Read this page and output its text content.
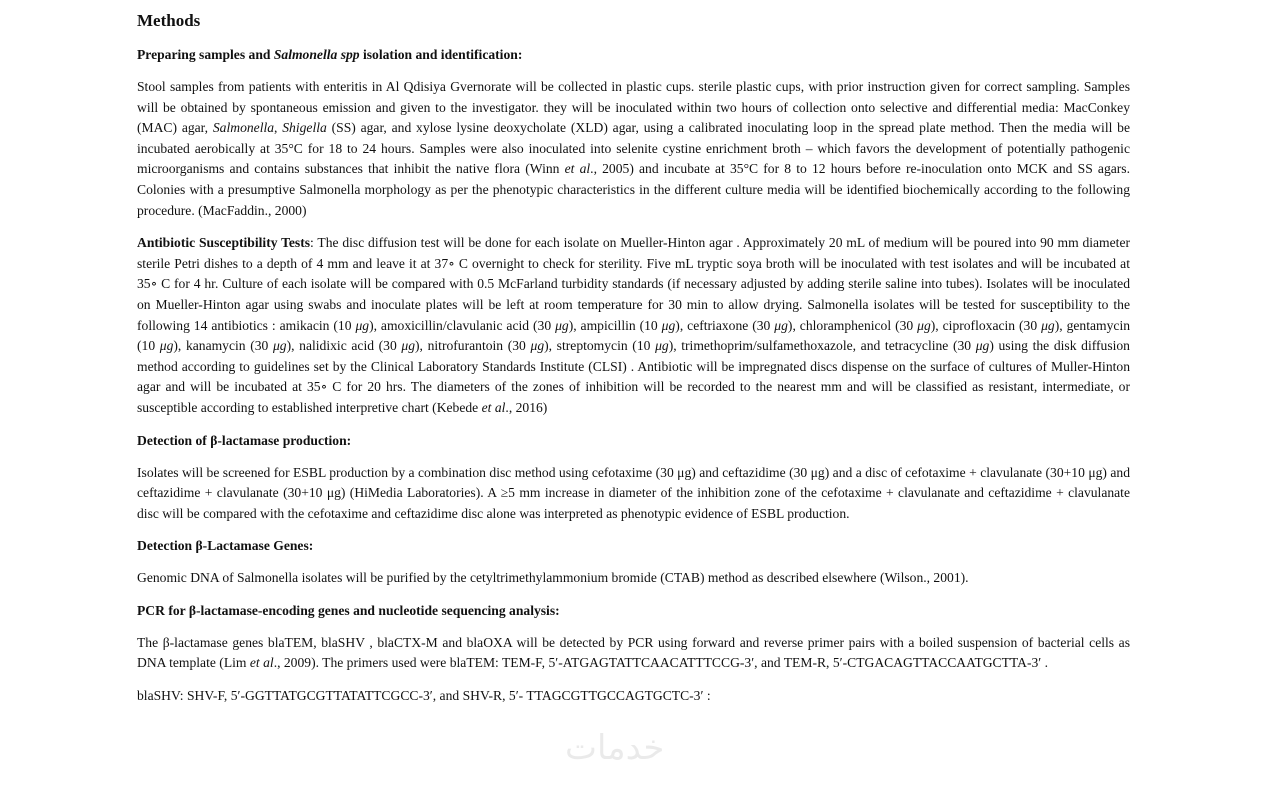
Methods
Preparing samples and Salmonella spp isolation and identification:
Stool samples from patients with enteritis in Al Qdisiya Gvernorate will be collected in plastic cups. sterile plastic cups, with prior instruction given for correct sampling. Samples will be obtained by spontaneous emission and given to the investigator. they will be inoculated within two hours of collection onto selective and differential media: MacConkey (MAC) agar, Salmonella, Shigella (SS) agar, and xylose lysine deoxycholate (XLD) agar, using a calibrated inoculating loop in the spread plate method. Then the media will be incubated aerobically at 35°C for 18 to 24 hours. Samples were also inoculated into selenite cystine enrichment broth – which favors the development of potentially pathogenic microorganisms and contains substances that inhibit the native flora (Winn et al., 2005) and incubate at 35°C for 8 to 12 hours before re-inoculation onto MCK and SS agars. Colonies with a presumptive Salmonella morphology as per the phenotypic characteristics in the different culture media will be identified biochemically according to the following procedure. (MacFaddin., 2000)
Antibiotic Susceptibility Tests: The disc diffusion test will be done for each isolate on Mueller-Hinton agar . Approximately 20 mL of medium will be poured into 90 mm diameter sterile Petri dishes to a depth of 4 mm and leave it at 37∘ C overnight to check for sterility. Five mL tryptic soya broth will be inoculated with test isolates and will be incubated at 35∘ C for 4 hr. Culture of each isolate will be compared with 0.5 McFarland turbidity standards (if necessary adjusted by adding sterile saline into tubes). Isolates will be inoculated on Mueller-Hinton agar using swabs and inoculate plates will be left at room temperature for 30 min to allow drying. Salmonella isolates will be tested for susceptibility to the following 14 antibiotics : amikacin (10 μg), amoxicillin/clavulanic acid (30 μg), ampicillin (10 μg), ceftriaxone (30 μg), chloramphenicol (30 μg), ciprofloxacin (30 μg), gentamycin (10 μg), kanamycin (30 μg), nalidixic acid (30 μg), nitrofurantoin (30 μg), streptomycin (10 μg), trimethoprim/sulfamethoxazole, and tetracycline (30 μg) using the disk diffusion method according to guidelines set by the Clinical Laboratory Standards Institute (CLSI) . Antibiotic will be impregnated discs dispense on the surface of cultures of Muller-Hinton agar and will be incubated at 35∘ C for 20 hrs. The diameters of the zones of inhibition will be recorded to the nearest mm and will be classified as resistant, intermediate, or susceptible according to established interpretive chart (Kebede et al., 2016)
Detection of β-lactamase production:
Isolates will be screened for ESBL production by a combination disc method using cefotaxime (30 μg) and ceftazidime (30 μg) and a disc of cefotaxime + clavulanate (30+10 μg) and ceftazidime + clavulanate (30+10 μg) (HiMedia Laboratories). A ≥5 mm increase in diameter of the inhibition zone of the cefotaxime + clavulanate and ceftazidime + clavulanate disc will be compared with the cefotaxime and ceftazidime disc alone was interpreted as phenotypic evidence of ESBL production.
Detection β-Lactamase Genes:
Genomic DNA of Salmonella isolates will be purified by the cetyltrimethylammonium bromide (CTAB) method as described elsewhere (Wilson., 2001).
PCR for β-lactamase-encoding genes and nucleotide sequencing analysis:
The β-lactamase genes blaTEM, blaSHV , blaCTX-M and blaOXA will be detected by PCR using forward and reverse primer pairs with a boiled suspension of bacterial cells as DNA template (Lim et al., 2009). The primers used were blaTEM: TEM-F, 5′-ATGAGTATTCAACATTTCCG-3′, and TEM-R, 5′-CTGACAGTTACCAATGCTTA-3′ .
blaSHV: SHV-F, 5′-GGTTATGCGTTATATTCGCC-3′, and SHV-R, 5′- TTAGCGTTGCCAGTGCTC-3′ :
خدمات
